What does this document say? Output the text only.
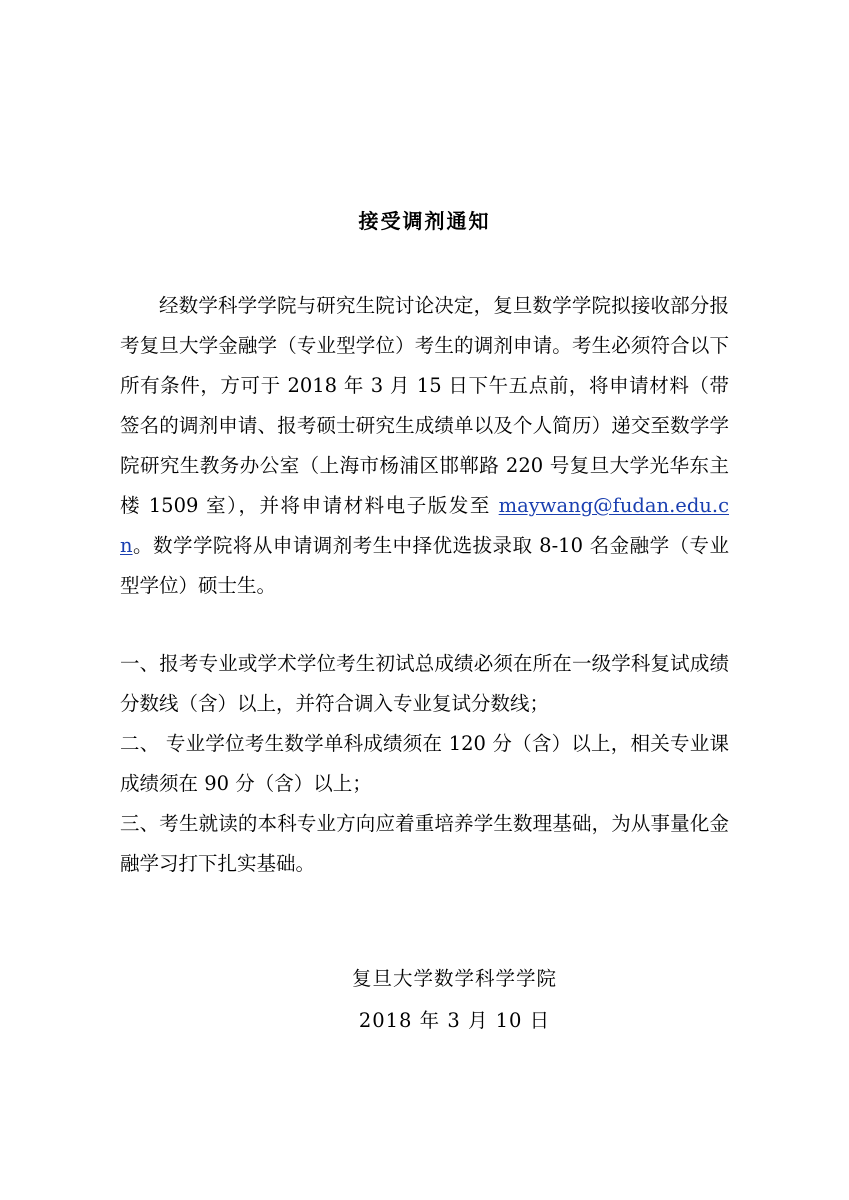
接受调剂通知

经数学科学学院与研究生院讨论决定，复旦数学学院拟接收部分报考复旦大学金融学（专业型学位）考生的调剂申请。考生必须符合以下所有条件，方可于 2018 年 3 月 15 日下午五点前，将申请材料（带签名的调剂申请、报考硕士研究生成绩单以及个人简历）递交至数学学院研究生教务办公室（上海市杨浦区邯郸路 220 号复旦大学光华东主楼 1509 室），并将申请材料电子版发至 maywang@fudan.edu.cn。数学学院将从申请调剂考生中择优选拔录取 8-10 名金融学（专业型学位）硕士生。

一、报考专业或学术学位考生初试总成绩必须在所在一级学科复试成绩分数线（含）以上，并符合调入专业复试分数线；

二、 专业学位考生数学单科成绩须在 120 分（含）以上，相关专业课成绩须在 90 分（含）以上；

三、考生就读的本科专业方向应着重培养学生数理基础，为从事量化金融学习打下扎实基础。

复旦大学数学科学学院

2018 年 3 月 10 日
